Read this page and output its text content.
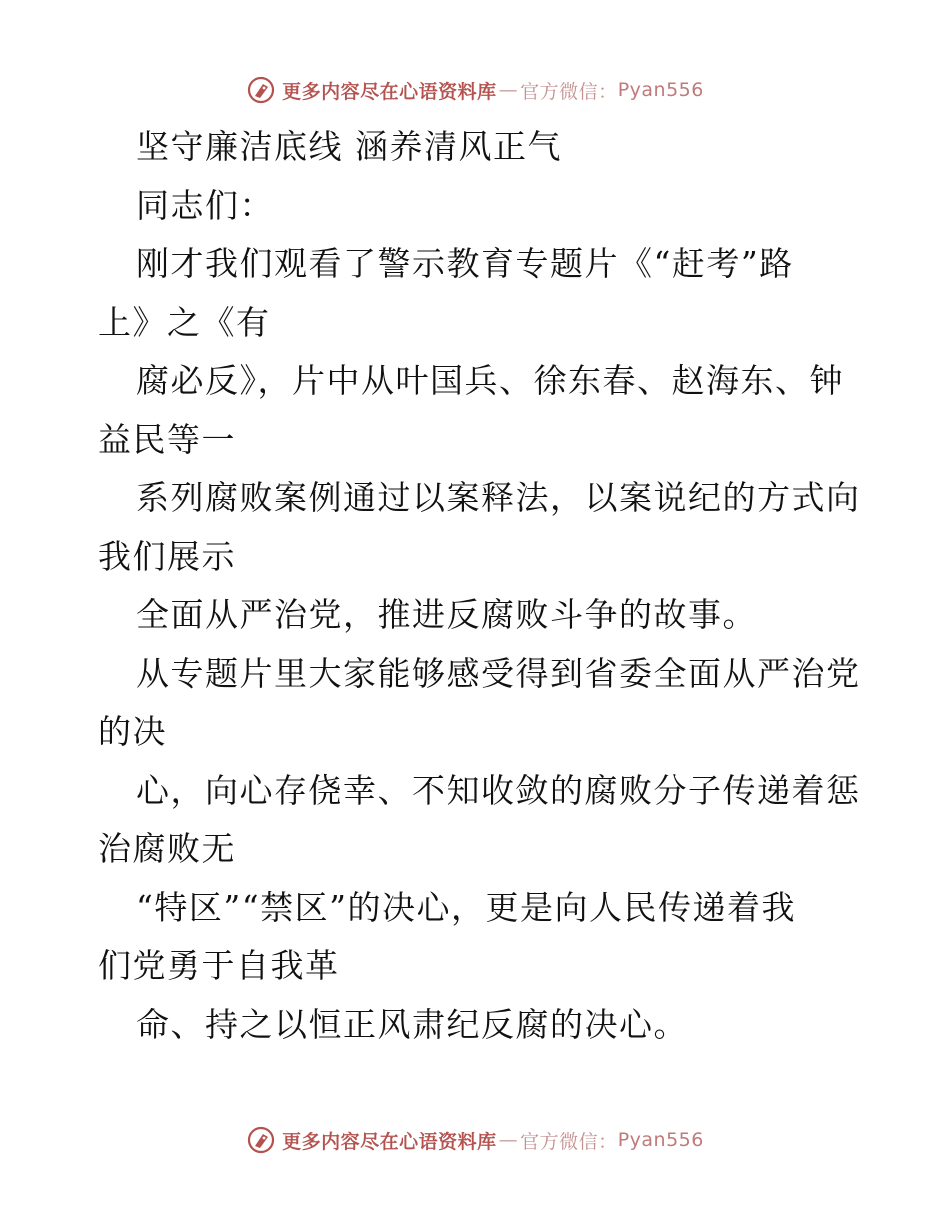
更多内容尽在心语资料库 — 官方微信： Pyan556
坚守廉洁底线 涵养清风正气
同志们：
刚才我们观看了警示教育专题片《“赶考”路
上》之《有
腐必反》，片中从叶国兵、徐东春、赵海东、钟
益民等一
系列腐败案例通过以案释法，以案说纪的方式向
我们展示
全面从严治党，推进反腐败斗争的故事。
从专题片里大家能够感受得到省委全面从严治党
的决
心，向心存侥幸、不知收敛的腐败分子传递着惩
治腐败无
“特区”“禁区”的决心，更是向人民传递着我
们党勇于自我革
命、持之以恒正风肃纪反腐的决心。
更多内容尽在心语资料库 — 官方微信： Pyan556
